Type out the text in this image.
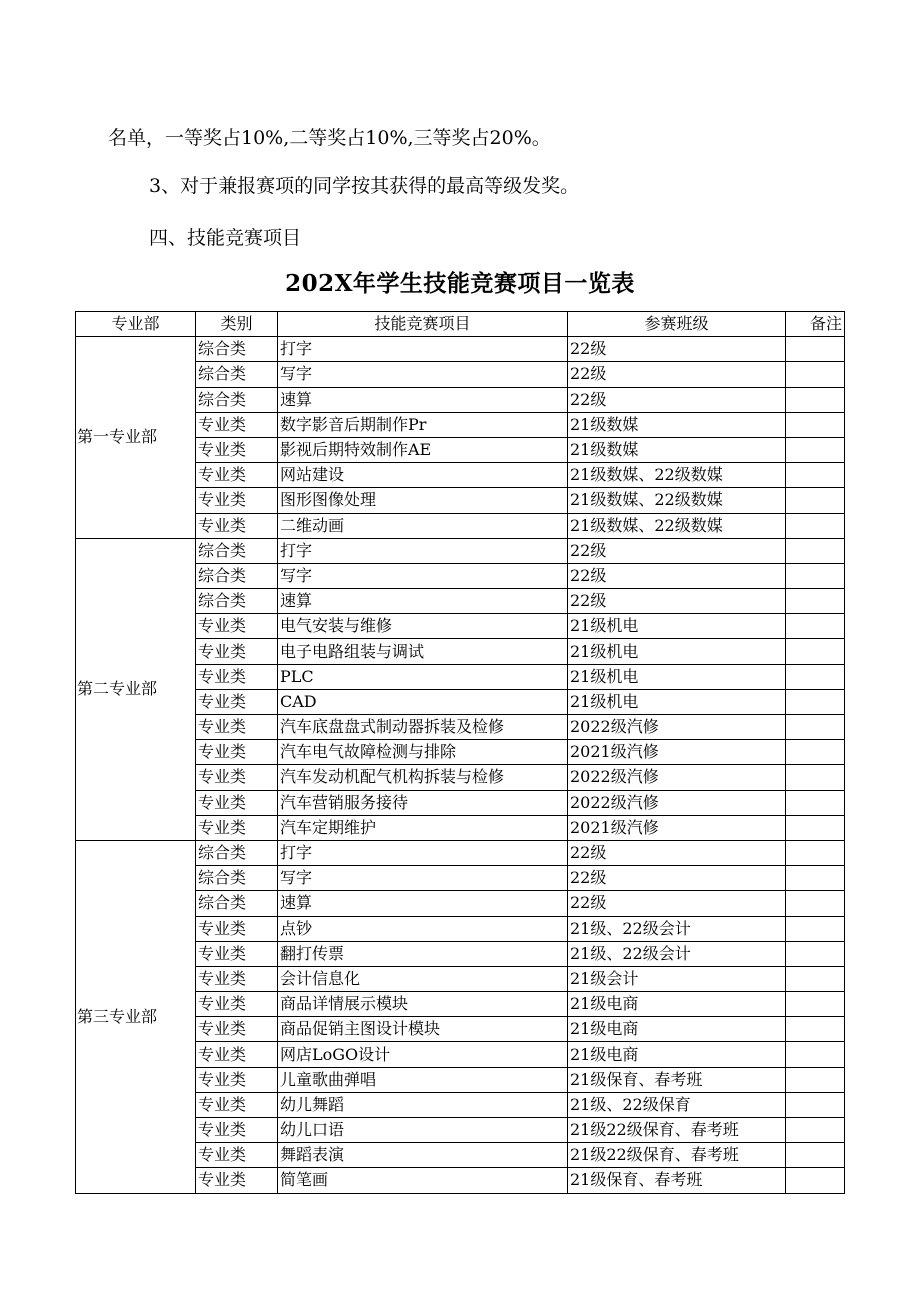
名单，一等奖占10%,二等奖占10%,三等奖占20%。
3、对于兼报赛项的同学按其获得的最高等级发奖。
四、技能竞赛项目
202X年学生技能竞赛项目一览表
专业部	类别	技能竞赛项目	参赛班级	备注
第一专业部	综合类	打字	22级	
	综合类	写字	22级	
	综合类	速算	22级	
	专业类	数字影音后期制作Pr	21级数媒	
	专业类	影视后期特效制作AE	21级数媒	
	专业类	网站建设	21级数媒、22级数媒	
	专业类	图形图像处理	21级数媒、22级数媒	
	专业类	二维动画	21级数媒、22级数媒	
第二专业部	综合类	打字	22级	
	综合类	写字	22级	
	综合类	速算	22级	
	专业类	电气安装与维修	21级机电	
	专业类	电子电路组装与调试	21级机电	
	专业类	PLC	21级机电	
	专业类	CAD	21级机电	
	专业类	汽车底盘盘式制动器拆装及检修	2022级汽修	
	专业类	汽车电气故障检测与排除	2021级汽修	
	专业类	汽车发动机配气机构拆装与检修	2022级汽修	
	专业类	汽车营销服务接待	2022级汽修	
	专业类	汽车定期维护	2021级汽修	
第三专业部	综合类	打字	22级	
	综合类	写字	22级	
	综合类	速算	22级	
	专业类	点钞	21级、22级会计	
	专业类	翻打传票	21级、22级会计	
	专业类	会计信息化	21级会计	
	专业类	商品详情展示模块	21级电商	
	专业类	商品促销主图设计模块	21级电商	
	专业类	网店LoGO设计	21级电商	
	专业类	儿童歌曲弹唱	21级保育、春考班	
	专业类	幼儿舞蹈	21级、22级保育	
	专业类	幼儿口语	21级22级保育、春考班	
	专业类	舞蹈表演	21级22级保育、春考班	
	专业类	简笔画	21级保育、春考班	
